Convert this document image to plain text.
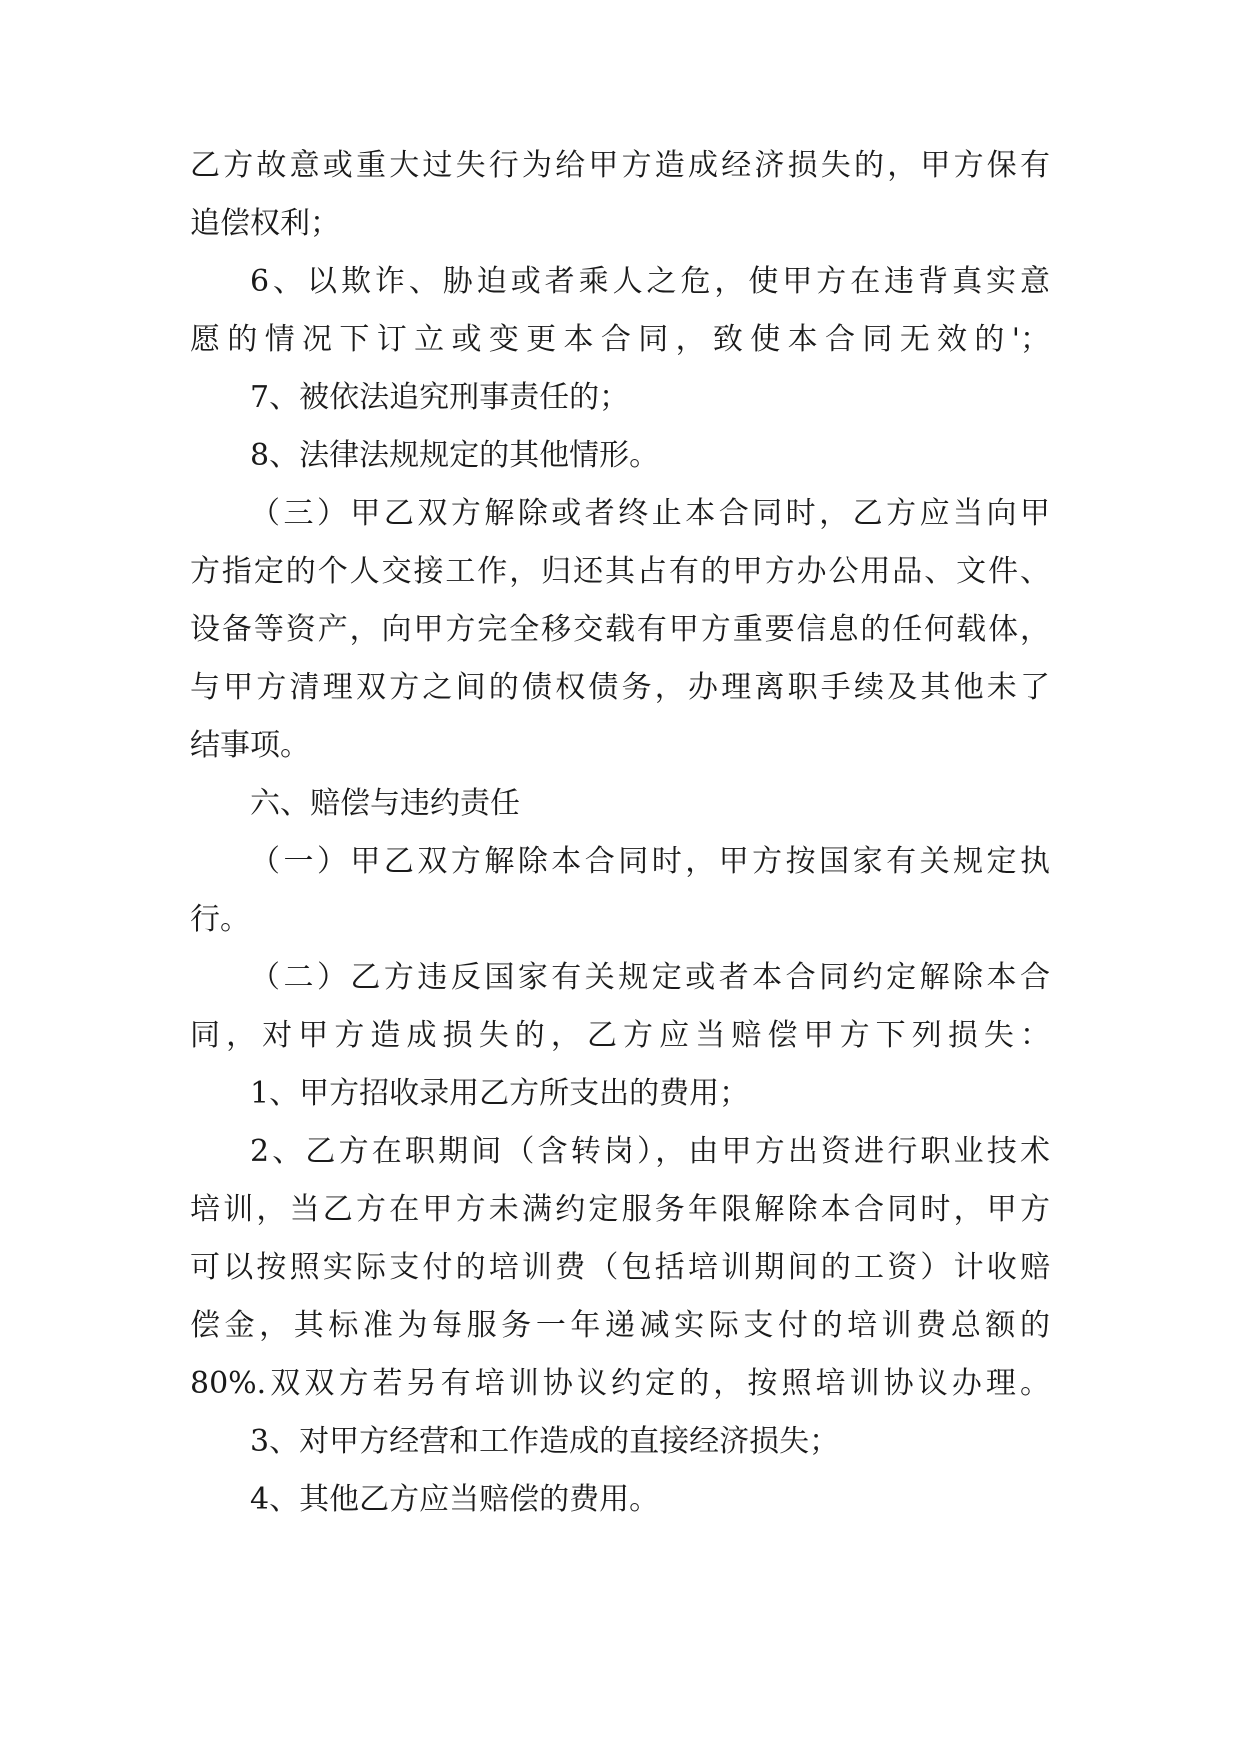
乙方故意或重大过失行为给甲方造成经济损失的，甲方保有
追偿权利；
6、以欺诈、胁迫或者乘人之危，使甲方在违背真实意
愿的情况下订立或变更本合同，致使本合同无效的'；
7、被依法追究刑事责任的；
8、法律法规规定的其他情形。
（三）甲乙双方解除或者终止本合同时，乙方应当向甲
方指定的个人交接工作，归还其占有的甲方办公用品、文件、
设备等资产，向甲方完全移交载有甲方重要信息的任何载体，
与甲方清理双方之间的债权债务，办理离职手续及其他未了
结事项。
六、赔偿与违约责任
（一）甲乙双方解除本合同时，甲方按国家有关规定执
行。
（二）乙方违反国家有关规定或者本合同约定解除本合
同，对甲方造成损失的，乙方应当赔偿甲方下列损失：
1、甲方招收录用乙方所支出的费用；
2、乙方在职期间（含转岗），由甲方出资进行职业技术
培训，当乙方在甲方未满约定服务年限解除本合同时，甲方
可以按照实际支付的培训费（包括培训期间的工资）计收赔
偿金，其标准为每服务一年递减实际支付的培训费总额的
80%.双双方若另有培训协议约定的，按照培训协议办理。
3、对甲方经营和工作造成的直接经济损失；
4、其他乙方应当赔偿的费用。
